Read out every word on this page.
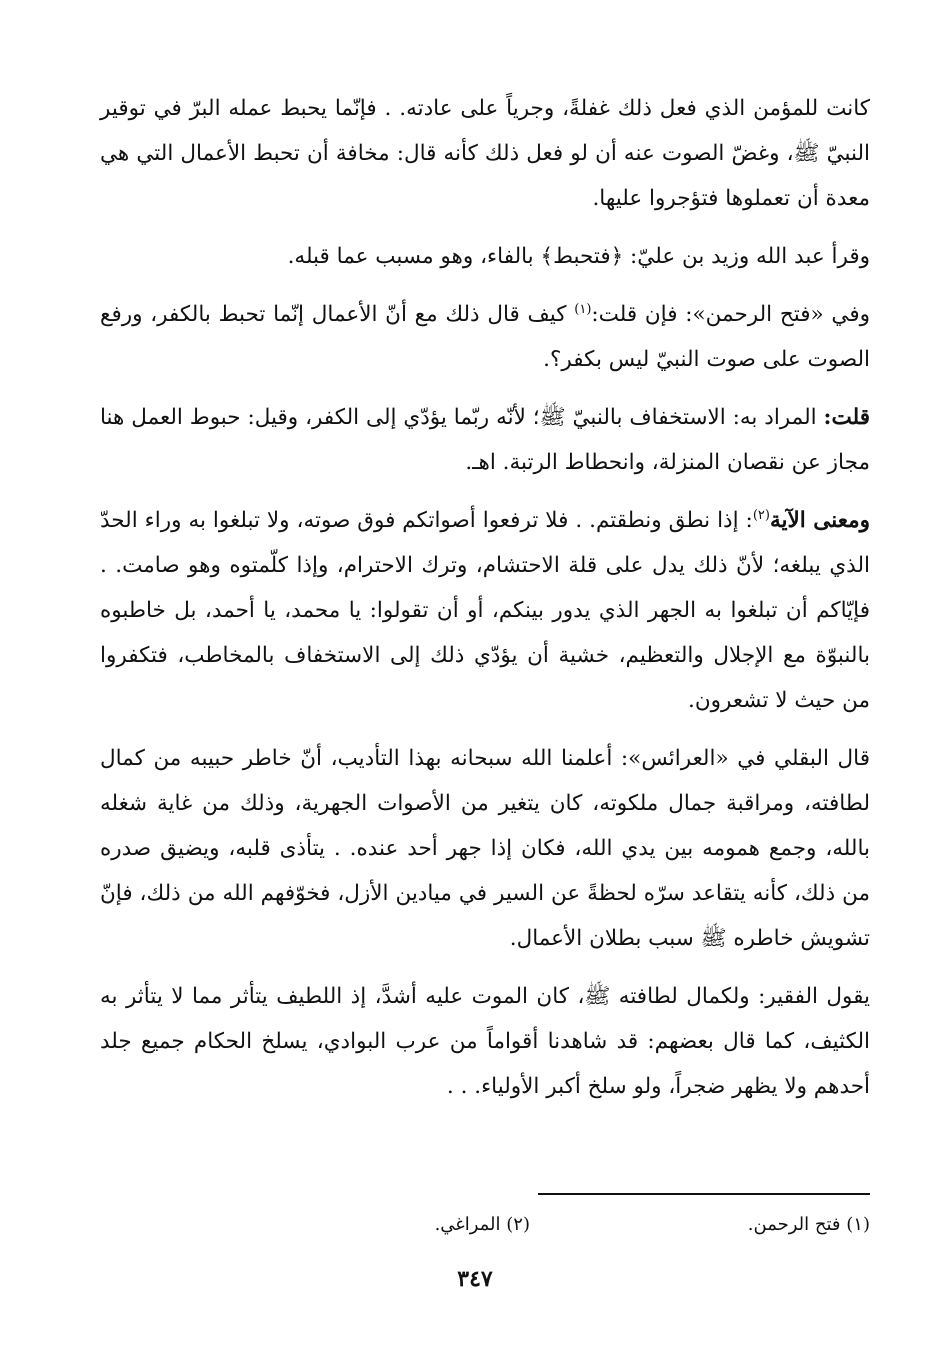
كانت للمؤمن الذي فعل ذلك غفلةً، وجرياً على عادته. . فإنّما يحبط عمله البرّ في توقير النبيّ ﷺ، وغضّ الصوت عنه أن لو فعل ذلك كأنه قال: مخافة أن تحبط الأعمال التي هي معدة أن تعملوها فتؤجروا عليها.

وقرأ عبد الله وزيد بن عليّ: ﴿فتحبط﴾ بالفاء، وهو مسبب عما قبله.

وفي «فتح الرحمن»: فإن قلت:$^{(١)}$ كيف قال ذلك مع أنّ الأعمال إنّما تحبط بالكفر، ورفع الصوت على صوت النبيّ ليس بكفر؟.

قلت: المراد به: الاستخفاف بالنبيّ ﷺ؛ لأنّه ربّما يؤدّي إلى الكفر، وقيل: حبوط العمل هنا مجاز عن نقصان المنزلة، وانحطاط الرتبة. اهـ.

ومعنى الآية$^{(٢)}$: إذا نطق ونطقتم. . فلا ترفعوا أصواتكم فوق صوته، ولا تبلغوا به وراء الحدّ الذي يبلغه؛ لأنّ ذلك يدل على قلة الاحتشام، وترك الاحترام، وإذا كلّمتوه وهو صامت. . فإيّاكم أن تبلغوا به الجهر الذي يدور بينكم، أو أن تقولوا: يا محمد، يا أحمد، بل خاطبوه بالنبوّة مع الإجلال والتعظيم، خشية أن يؤدّي ذلك إلى الاستخفاف بالمخاطب، فتكفروا من حيث لا تشعرون.

قال البقلي في «العرائس»: أعلمنا الله سبحانه بهذا التأديب، أنّ خاطر حبيبه من كمال لطافته، ومراقبة جمال ملكوته، كان يتغير من الأصوات الجهرية، وذلك من غاية شغله بالله، وجمع همومه بين يدي الله، فكان إذا جهر أحد عنده. . يتأذى قلبه، ويضيق صدره من ذلك، كأنه يتقاعد سرّه لحظةً عن السير في ميادين الأزل، فخوّفهم الله من ذلك، فإنّ تشويش خاطره ﷺ سبب بطلان الأعمال.

يقول الفقير: ولكمال لطافته ﷺ، كان الموت عليه أشدَّ، إذ اللطيف يتأثر مما لا يتأثر به الكثيف، كما قال بعضهم: قد شاهدنا أقواماً من عرب البوادي، يسلخ الحكام جميع جلد أحدهم ولا يظهر ضجراً، ولو سلخ أكبر الأولياء. . .

(١) فتح الرحمن.
(٢) المراغي.
٣٤٧
